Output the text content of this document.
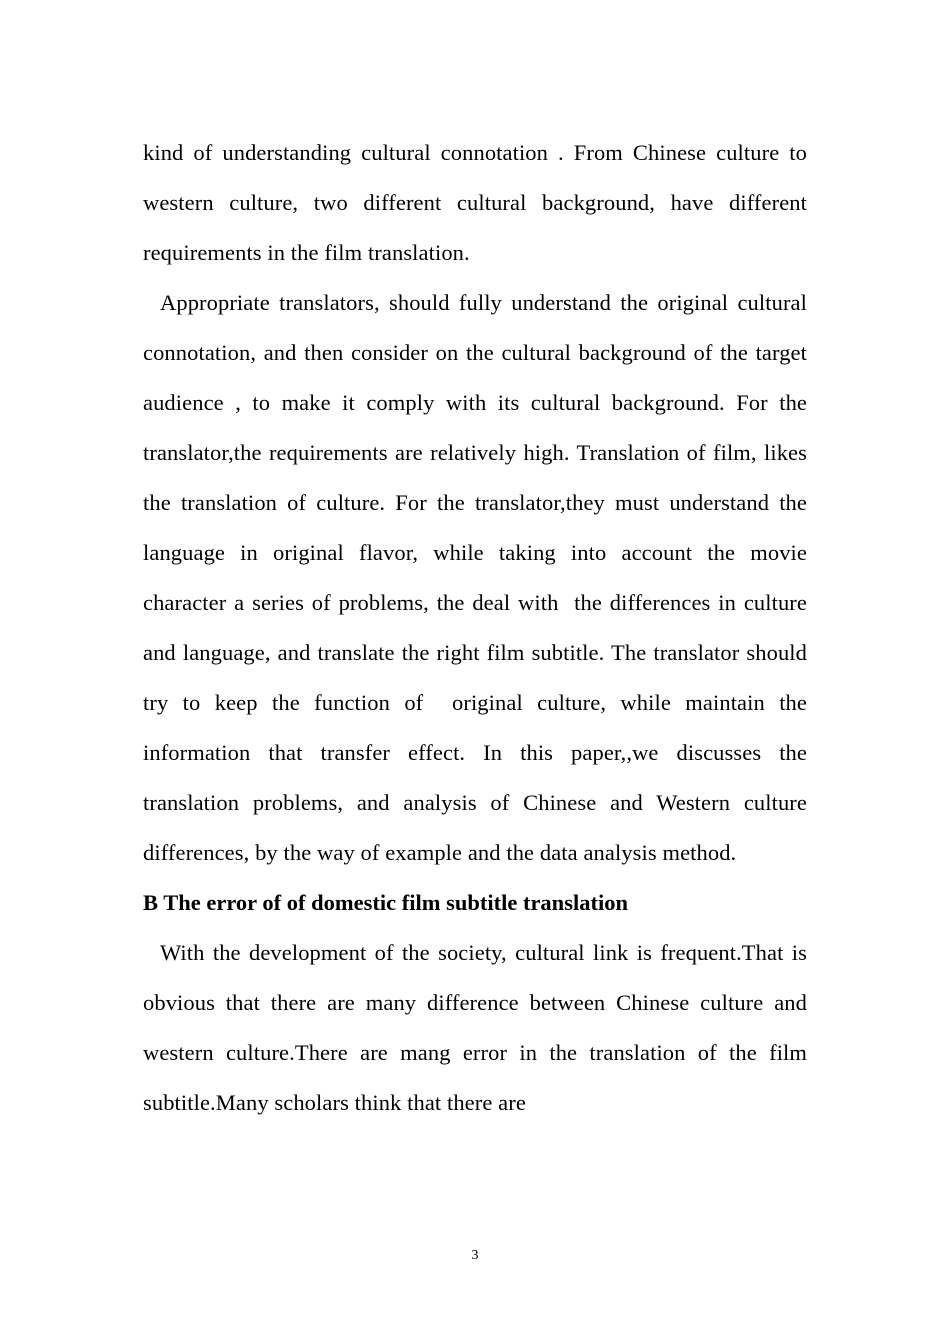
kind of understanding cultural connotation . From Chinese culture to western culture, two different cultural background, have different requirements in the film translation.

Appropriate translators, should fully understand the original cultural connotation, and then consider on the cultural background of the target audience , to make it comply with its cultural background. For the translator,the requirements are relatively high. Translation of film, likes the translation of culture. For the translator,they must understand the language in original flavor, while taking into account the movie character a series of problems, the deal with  the differences in culture and language, and translate the right film subtitle. The translator should try to keep the function of  original culture, while maintain the information that transfer effect. In this paper,,we discusses the translation problems, and analysis of Chinese and Western culture differences, by the way of example and the data analysis method.

B The error of of domestic film subtitle translation

With the development of the society, cultural link is frequent.That is obvious that there are many difference between Chinese culture and western culture.There are mang error in the translation of the film subtitle.Many scholars think that there are

3
